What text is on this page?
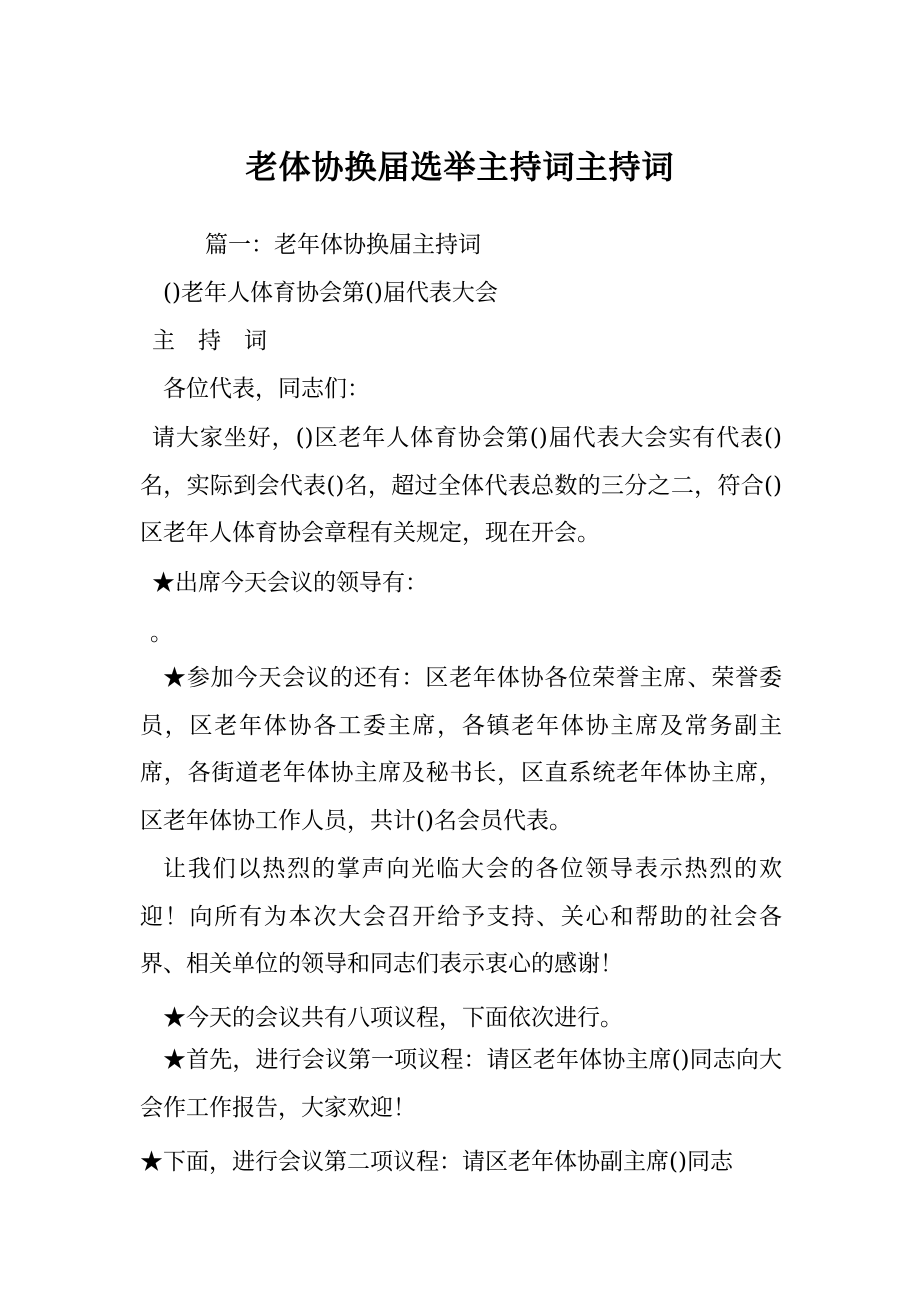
老体协换届选举主持词主持词

篇一：老年体协换届主持词

()老年人体育协会第()届代表大会

主　持　词

各位代表，同志们：

请大家坐好，()区老年人体育协会第()届代表大会实有代表()名，实际到会代表()名，超过全体代表总数的三分之二，符合()区老年人体育协会章程有关规定，现在开会。

★出席今天会议的领导有：

。

★参加今天会议的还有：区老年体协各位荣誉主席、荣誉委员，区老年体协各工委主席，各镇老年体协主席及常务副主席，各街道老年体协主席及秘书长，区直系统老年体协主席，区老年体协工作人员，共计()名会员代表。

让我们以热烈的掌声向光临大会的各位领导表示热烈的欢迎！向所有为本次大会召开给予支持、关心和帮助的社会各界、相关单位的领导和同志们表示衷心的感谢！

★今天的会议共有八项议程，下面依次进行。

★首先，进行会议第一项议程：请区老年体协主席()同志向大会作工作报告，大家欢迎！

★下面，进行会议第二项议程：请区老年体协副主席()同志
